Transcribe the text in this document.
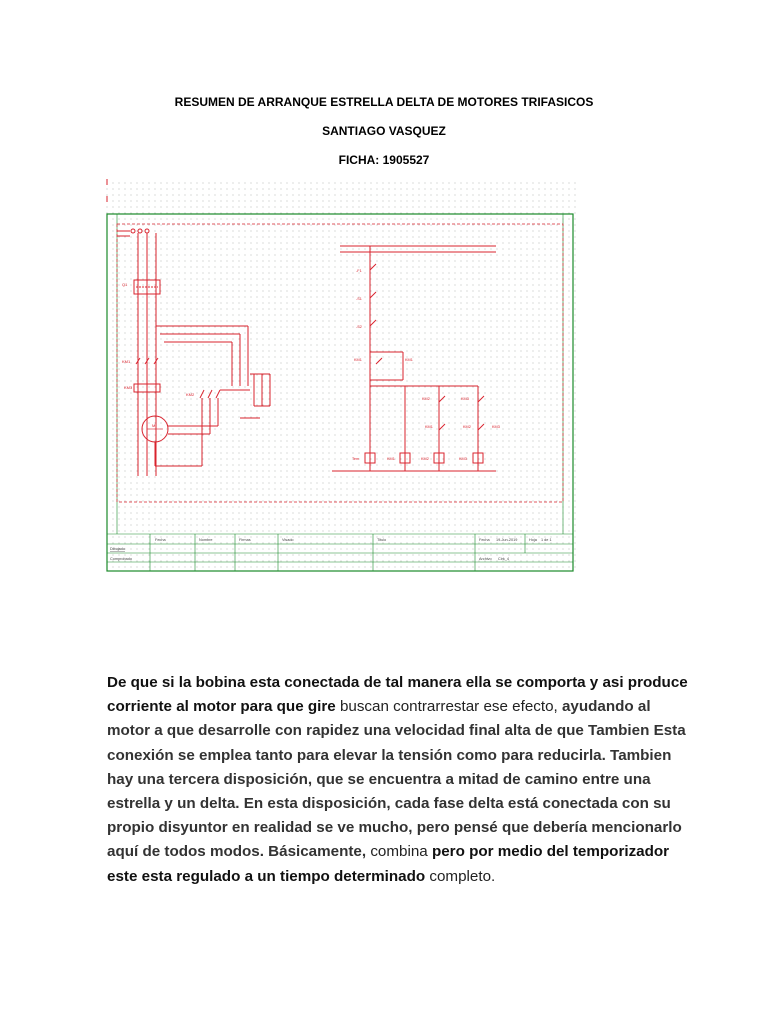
RESUMEN DE ARRANQUE ESTRELLA DELTA DE MOTORES TRIFASICOS
SANTIAGO VASQUEZ
FICHA: 1905527
Fecha	Nombre	Firmas	Visado	Titulo	Fecha 19-Jun-2019	Hoja 1 de 1
Dibujado
Archivo Cirk_4
Comprobado
Q1
KM1
KM3
KM2
M
-F1
-S1
-S2
KM1	KM1
KM2	KM3
KM1	KM2	KM3
Tem	KM1	KM2	KM3
De que si la bobina esta conectada de tal manera ella se comporta y asi produce corriente al motor para que gire buscan contrarrestar ese efecto, ayudando al motor a que desarrolle con rapidez una velocidad final alta de que Tambien Esta conexión se emplea tanto para elevar la tensión como para reducirla. Tambien hay una tercera disposición, que se encuentra a mitad de camino entre una estrella y un delta. En esta disposición, cada fase delta está conectada con su propio disyuntor en realidad se ve mucho, pero pensé que debería mencionarlo aquí de todos modos. Básicamente, combina pero por medio del temporizador este esta regulado a un tiempo determinado completo.
